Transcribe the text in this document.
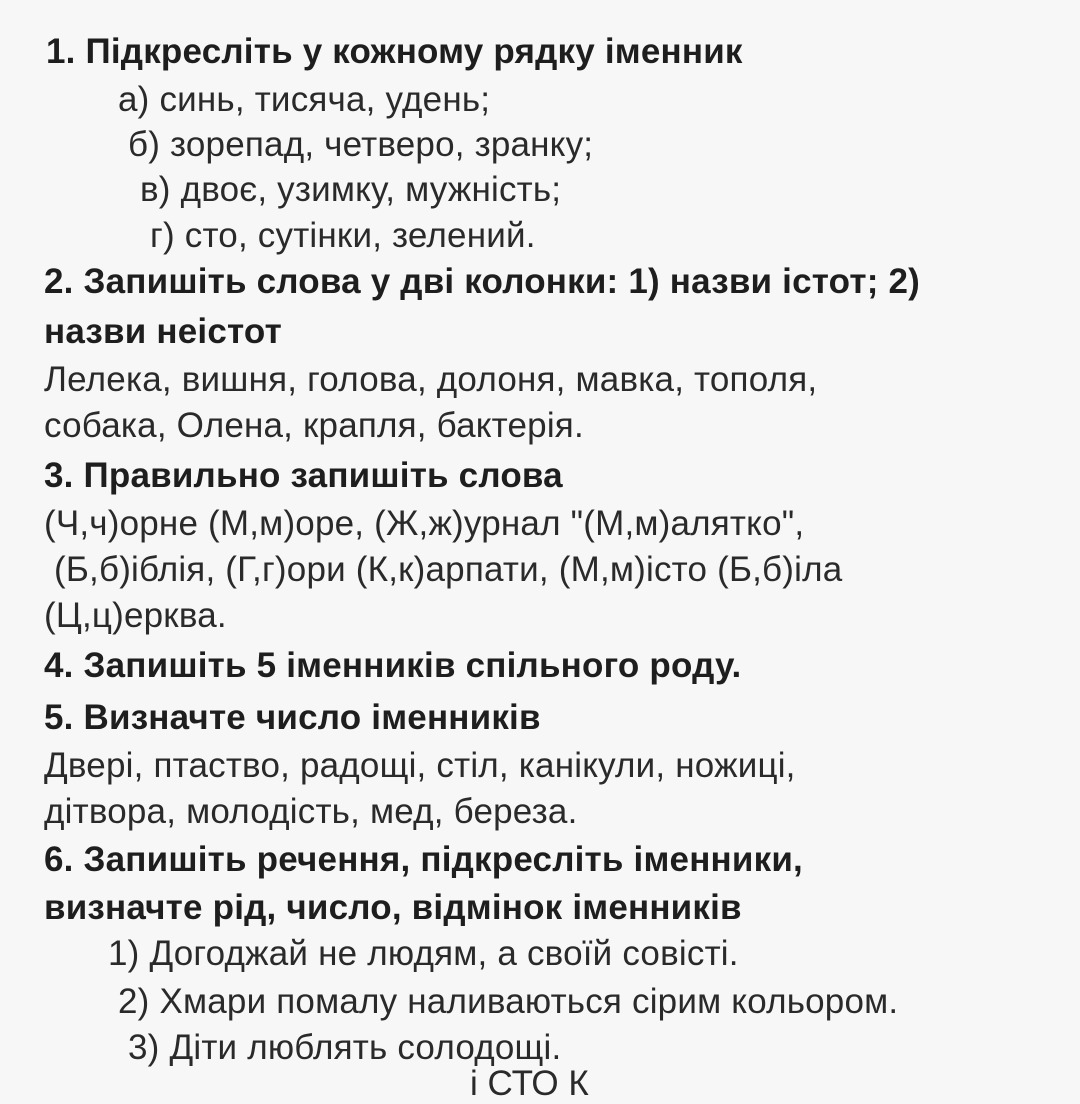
1. Підкресліть у кожному рядку іменник
а) синь, тисяча, удень;
б) зорепад, четверо, зранку;
в) двоє, узимку, мужність;
г) сто, сутінки, зелений.
2. Запишіть слова у дві колонки: 1) назви істот; 2)
назви неістот
Лелека, вишня, голова, долоня, мавка, тополя,
собака, Олена, крапля, бактерія.
3. Правильно запишіть слова
(Ч,ч)орне (М,м)оре, (Ж,ж)урнал "(М,м)алятко",
(Б,б)іблія, (Г,г)ори (К,к)арпати, (М,м)істо (Б,б)іла
(Ц,ц)ерква.
4. Запишіть 5 іменників спільного роду.
5. Визначте число іменників
Двері, птаство, радощі, стіл, канікули, ножиці,
дітвора, молодість, мед, береза.
6. Запишіть речення, підкресліть іменники,
визначте рід, число, відмінок іменників
1) Догоджай не людям, а своїй совісті.
2) Хмари помалу наливаються сірим кольором.
3) Діти люблять солодощі.
і СТО К
